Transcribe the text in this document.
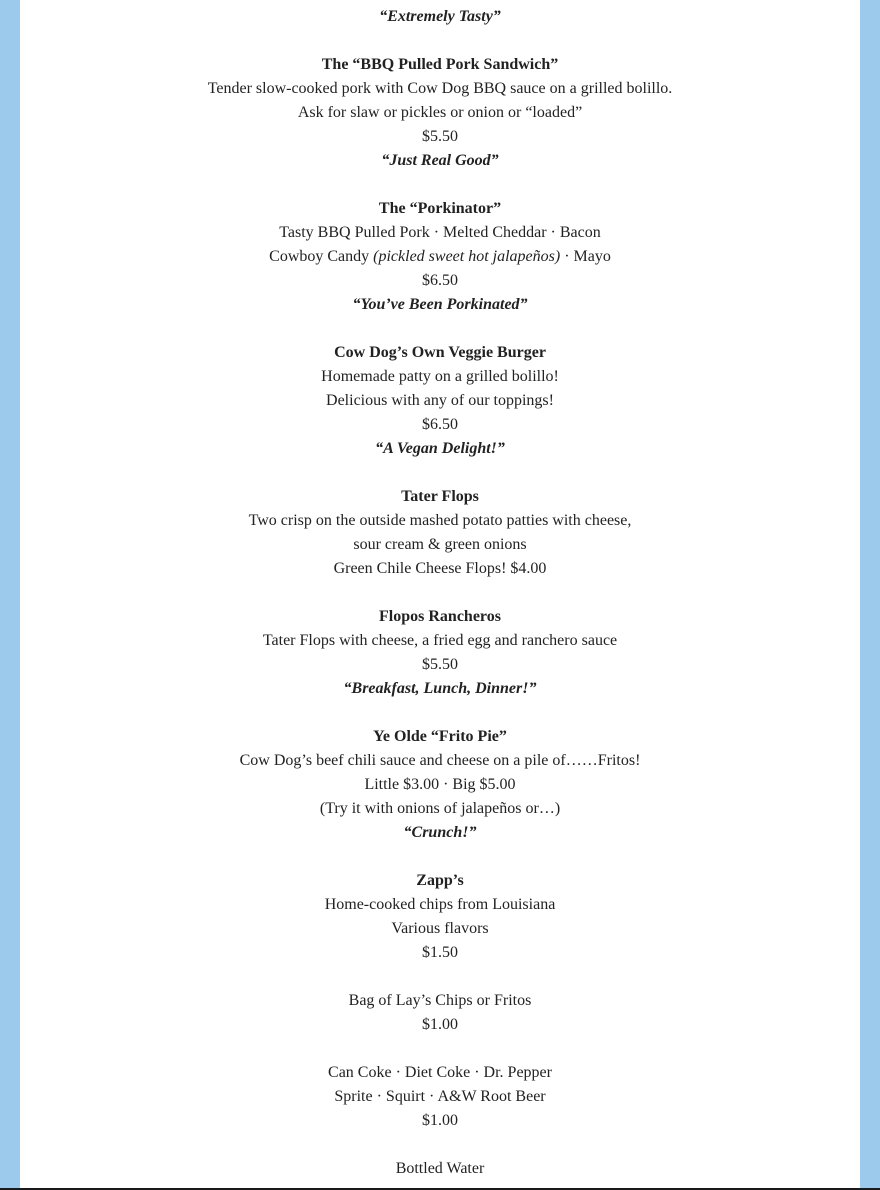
“Extremely Tasty”
The “BBQ Pulled Pork Sandwich”
Tender slow-cooked pork with Cow Dog BBQ sauce on a grilled bolillo.
Ask for slaw or pickles or onion or “loaded”
$5.50
“Just Real Good”
The “Porkinator”
Tasty BBQ Pulled Pork · Melted Cheddar · Bacon
Cowboy Candy (pickled sweet hot jalapeños) · Mayo
$6.50
“You’ve Been Porkinated”
Cow Dog’s Own Veggie Burger
Homemade patty on a grilled bolillo!
Delicious with any of our toppings!
$6.50
“A Vegan Delight!”
Tater Flops
Two crisp on the outside mashed potato patties with cheese,
sour cream & green onions
Green Chile Cheese Flops! $4.00
Flopos Rancheros
Tater Flops with cheese, a fried egg and ranchero sauce
$5.50
“Breakfast, Lunch, Dinner!”
Ye Olde “Frito Pie”
Cow Dog’s beef chili sauce and cheese on a pile of……Fritos!
Little $3.00 · Big $5.00
(Try it with onions of jalapeños or…)
“Crunch!”
Zapp’s
Home-cooked chips from Louisiana
Various flavors
$1.50
Bag of Lay’s Chips or Fritos
$1.00
Can Coke · Diet Coke · Dr. Pepper
Sprite · Squirt · A&W Root Beer
$1.00
Bottled Water
